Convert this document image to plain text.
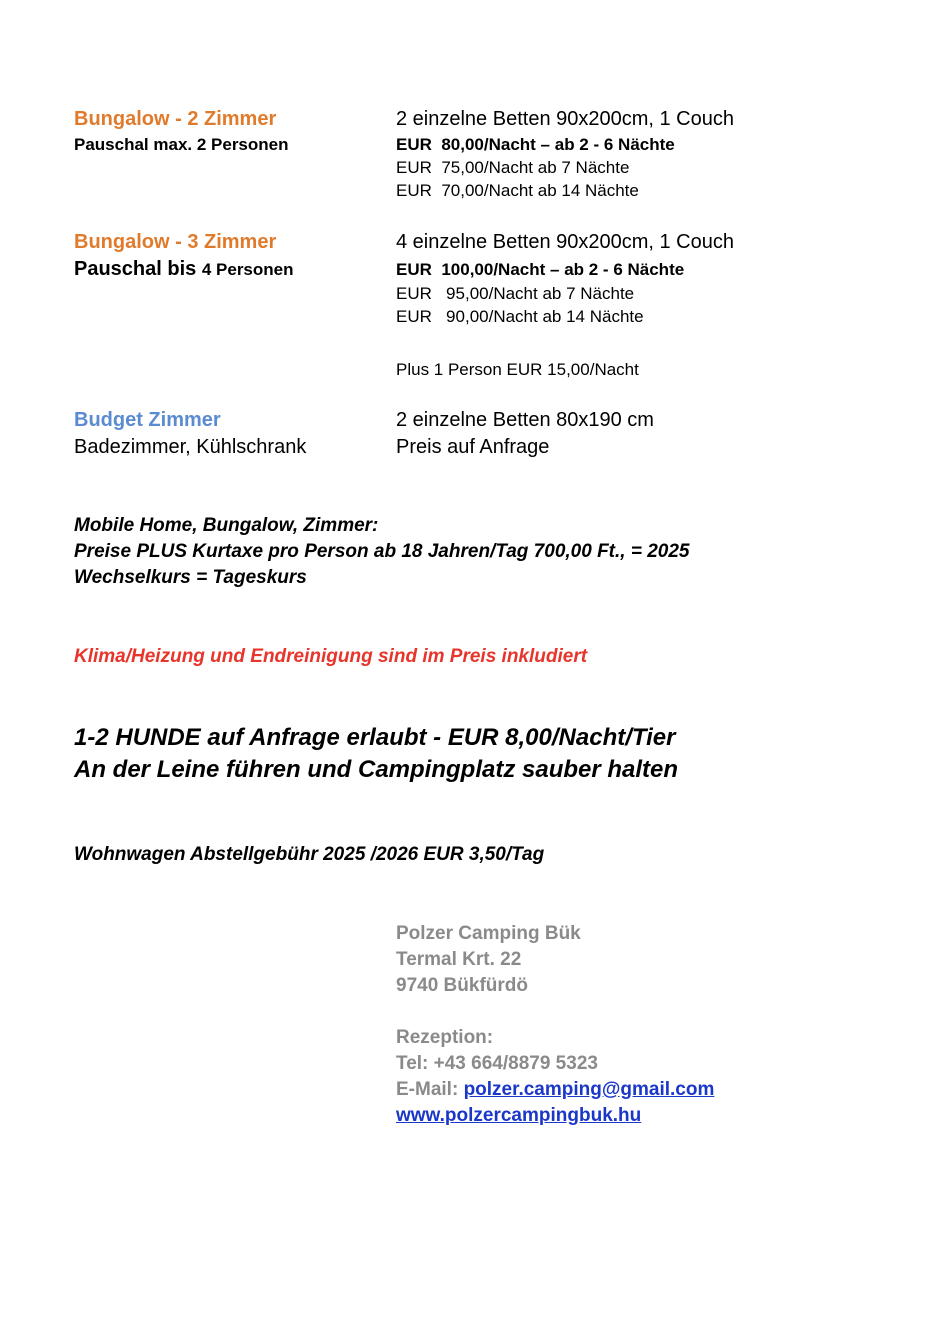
Bungalow - 2 Zimmer
Pauschal max. 2 Personen
2 einzelne Betten 90x200cm, 1 Couch
EUR  80,00/Nacht – ab 2 - 6 Nächte
EUR  75,00/Nacht ab 7 Nächte
EUR  70,00/Nacht ab 14 Nächte
Bungalow - 3 Zimmer
Pauschal bis 4 Personen
4 einzelne Betten 90x200cm, 1 Couch
EUR  100,00/Nacht – ab 2 - 6 Nächte
EUR   95,00/Nacht ab 7 Nächte
EUR   90,00/Nacht ab 14 Nächte
Plus 1 Person EUR 15,00/Nacht
Budget Zimmer
Badezimmer, Kühlschrank
2 einzelne Betten 80x190 cm
Preis auf Anfrage
Mobile Home, Bungalow, Zimmer:
Preise PLUS Kurtaxe pro Person ab 18 Jahren/Tag 700,00 Ft., = 2025
Wechselkurs = Tageskurs
Klima/Heizung und Endreinigung sind im Preis inkludiert
1-2 HUNDE auf Anfrage erlaubt - EUR 8,00/Nacht/Tier
An der Leine führen und Campingplatz sauber halten
Wohnwagen Abstellgebühr 2025 /2026 EUR 3,50/Tag
Polzer Camping Bük
Termal Krt. 22
9740 Bükfürdö
Rezeption:
Tel: +43 664/8879 5323
E-Mail: polzer.camping@gmail.com
www.polzercampingbuk.hu
